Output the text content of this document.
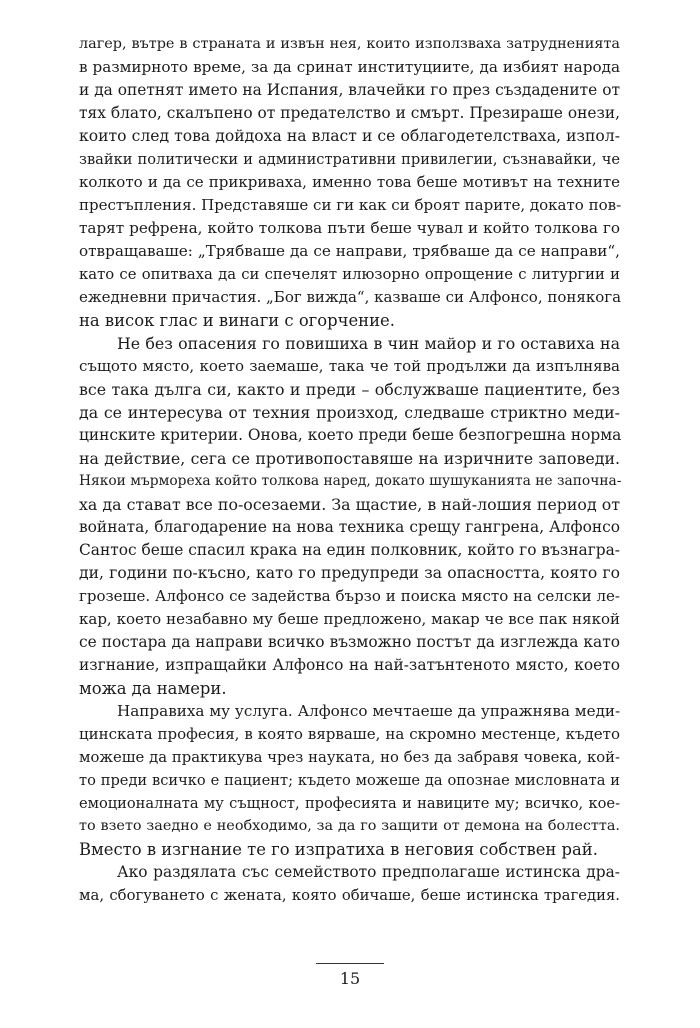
лагер, вътре в страната и извън нея, които използваха затрудненията
в размирното време, за да сринат институциите, да избият народа
и да опетнят името на Испания, влачейки го през създадените от
тях блато, скалъпено от предателство и смърт. Презираше онези,
които след това дойдоха на власт и се облагодетелстваха, изпол-
звайки политически и административни привилегии, съзнавайки, че
колкото и да се прикриваха, именно това беше мотивът на техните
престъпления. Представяше си ги как си броят парите, докато пов-
тарят рефрена, който толкова пъти беше чувал и който толкова го
отвращаваше: „Трябваше да се направи, трябваше да се направи“,
като се опитваха да си спечелят илюзорно опрощение с литургии и
ежедневни причастия. „Бог вижда“, казваше си Алфонсо, понякога
на висок глас и винаги с огорчение.
Не без опасения го повишиха в чин майор и го оставиха на
същото място, което заемаше, така че той продължи да изпълнява
все така дълга си, както и преди – обслужваше пациентите, без
да се интересува от техния произход, следваше стриктно меди-
цинските критерии. Онова, което преди беше безпогрешна норма
на действие, сега се противопоставяше на изричните заповеди.
Някои мърмореха който толкова наред, докато шушуканията не започна-
ха да стават все по-осезаеми. За щастие, в най-лошия период от
войната, благодарение на нова техника срещу гангрена, Алфонсо
Сантос беше спасил крака на един полковник, който го възнагра-
ди, години по-късно, като го предупреди за опасността, която го
грозеше. Алфонсо се задейства бързо и поиска място на селски ле-
кар, което незабавно му беше предложено, макар че все пак някой
се постара да направи всичко възможно постът да изглежда като
изгнание, изпращайки Алфонсо на най-затънтеното място, което
можа да намери.
Направиха му услуга. Алфонсо мечтаеше да упражнява меди-
цинската професия, в която вярваше, на скромно местенце, където
можеше да практикува чрез науката, но без да забравя човека, кой-
то преди всичко е пациент; където можеше да опознае мисловната и
емоционалната му същност, професията и навиците му; всичко, кое-
то взето заедно е необходимо, за да го защити от демона на болестта.
Вместо в изгнание те го изпратиха в неговия собствен рай.
Ако раздялата със семейството предполагаше истинска дра-
ма, сбогуването с жената, която обичаше, беше истинска трагедия.
15
